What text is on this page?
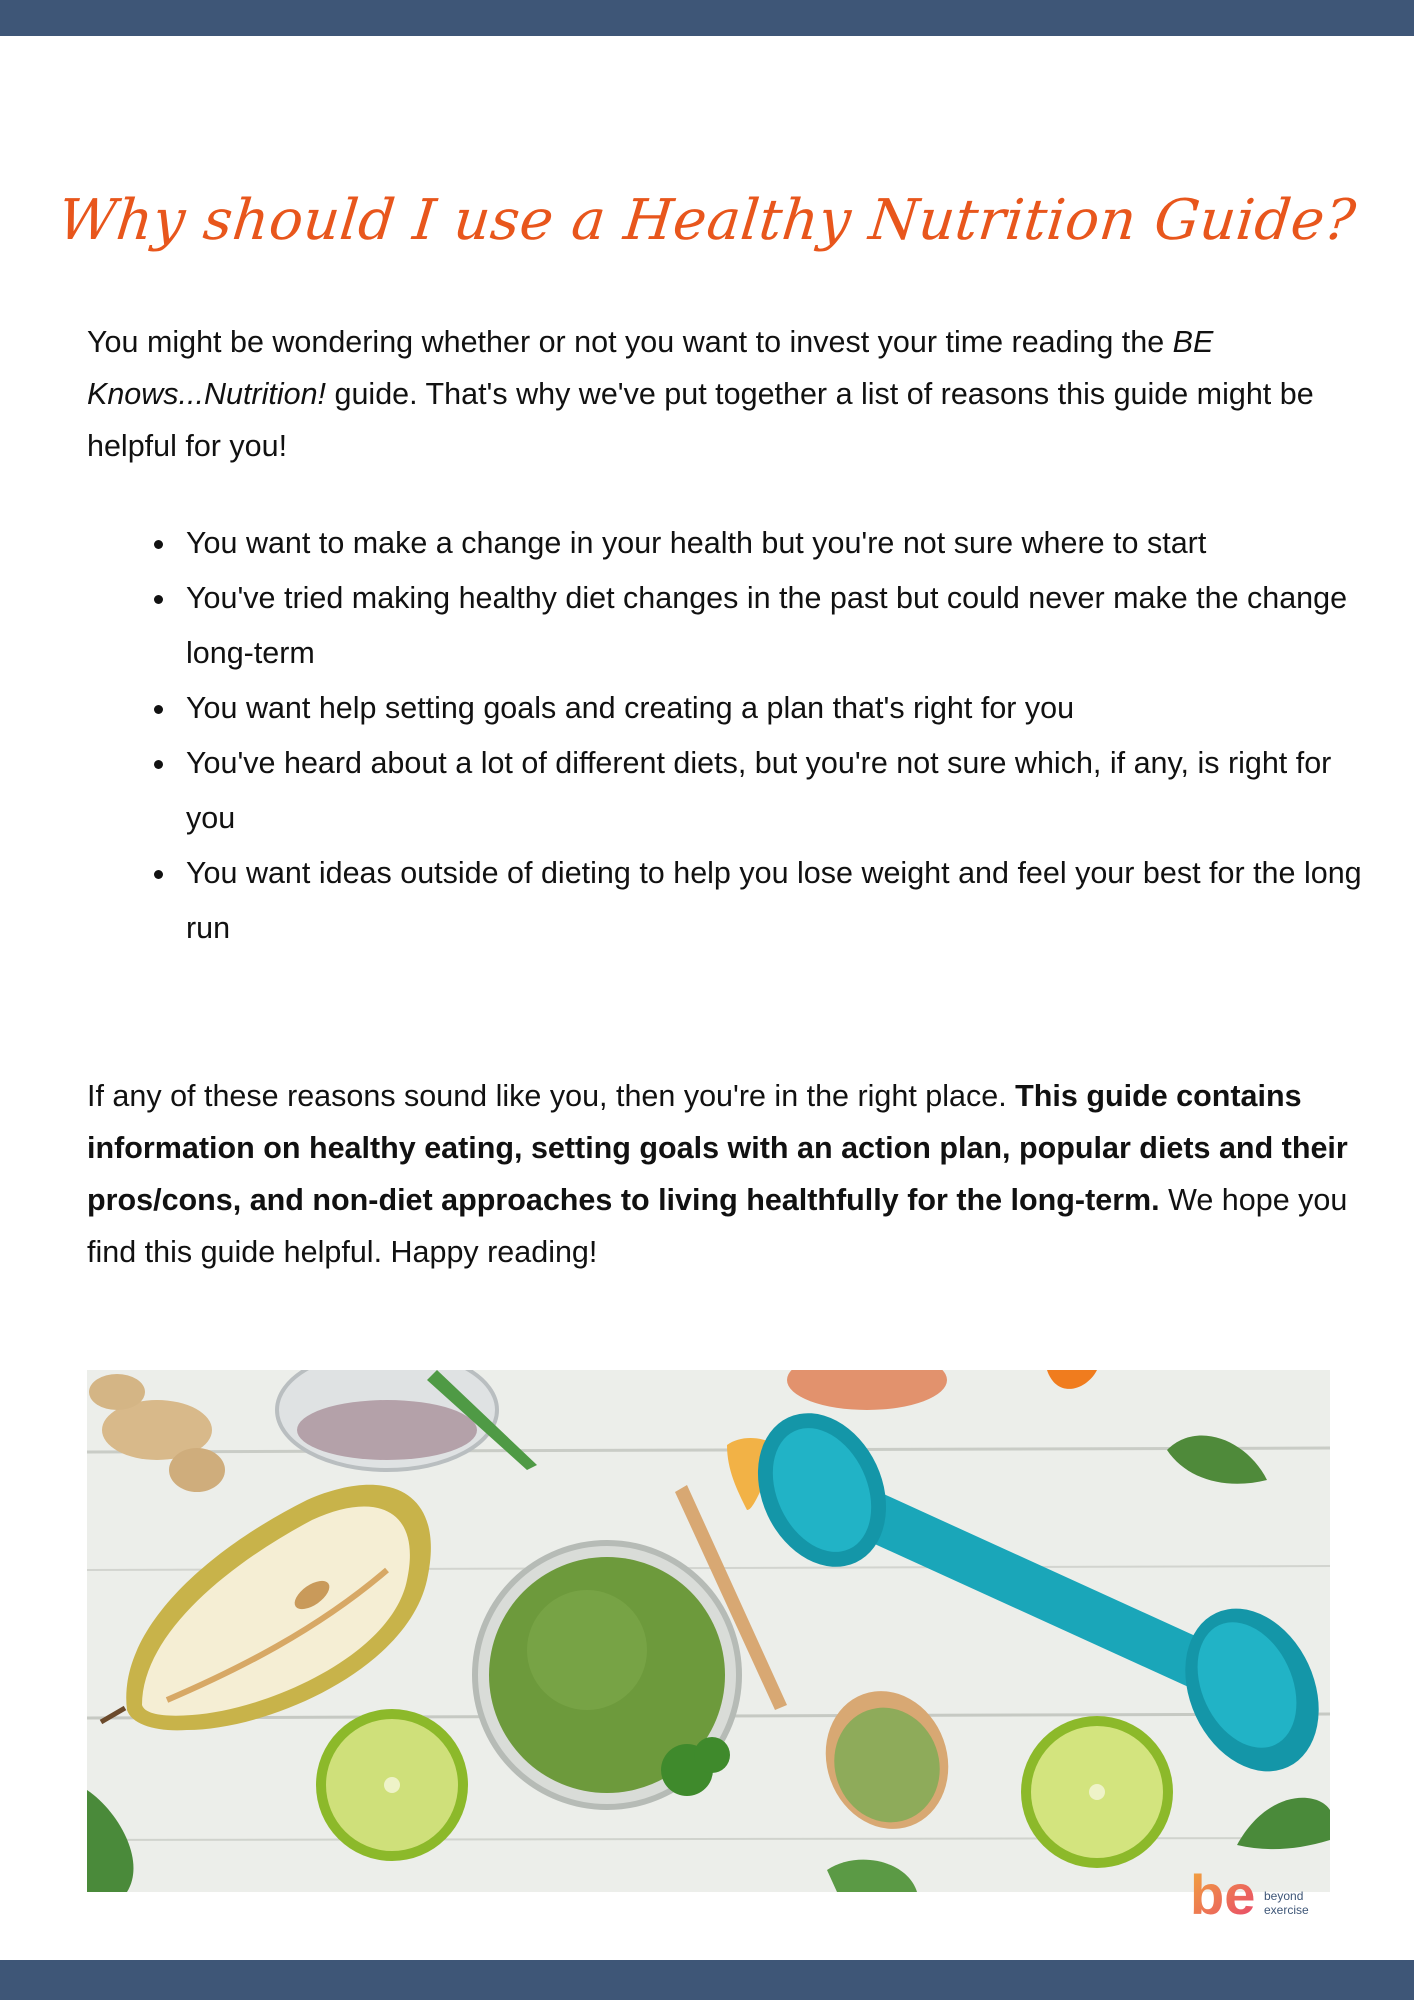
Why should I use a Healthy Nutrition Guide?

You might be wondering whether or not you want to invest your time reading the BE Knows...Nutrition! guide. That's why we've put together a list of reasons this guide might be helpful for you!

You want to make a change in your health but you're not sure where to start
You've tried making healthy diet changes in the past but could never make the change long-term
You want help setting goals and creating a plan that's right for you
You've heard about a lot of different diets, but you're not sure which, if any, is right for you
You want ideas outside of dieting to help you lose weight and feel your best for the long run

If any of these reasons sound like you, then you're in the right place. This guide contains information on healthy eating, setting goals with an action plan, popular diets and their pros/cons, and non-diet approaches to living healthfully for the long-term. We hope you find this guide helpful. Happy reading!

be beyond
exercise
